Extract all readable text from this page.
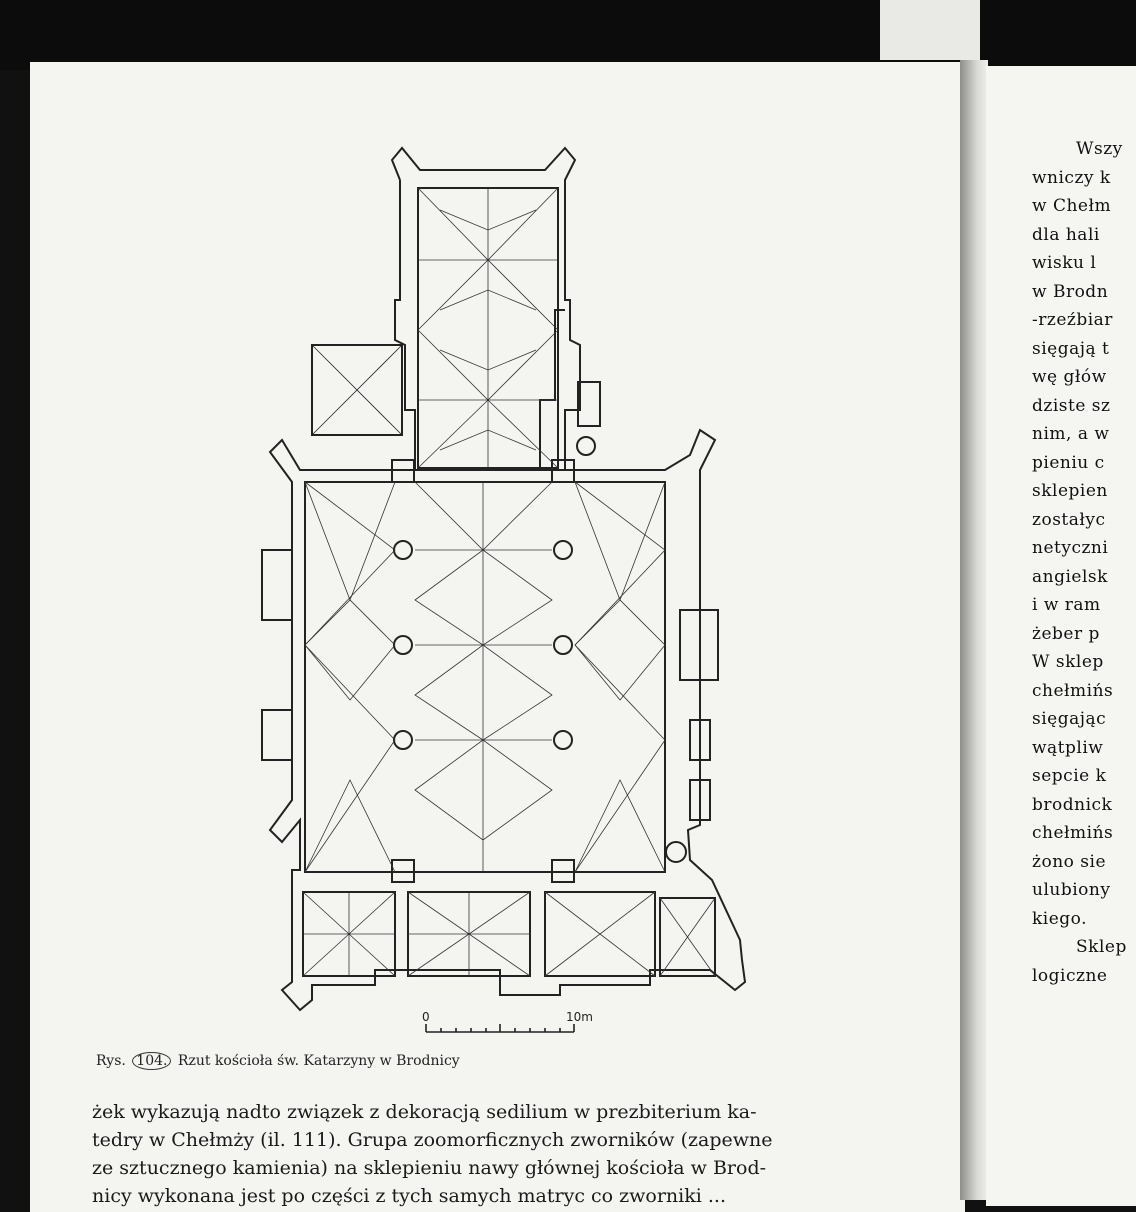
0	10m
Rys. 104. Rzut kościoła św. Katarzyny w Brodnicy
żek wykazują nadto związek z dekoracją sedilium w prezbiterium ka-
tedry w Chełmży (il. 111). Grupa zoomorficznych zworników (zapewne
ze sztucznego kamienia) na sklepieniu nawy głównej kościoła w Brod-
nicy wykonana jest po części z tych samych matryc co zworniki ...
Wszy
wniczy k
w Chełm
dla hali
wisku l
w Brodn
-rzeźbiar
sięgają t
wę głów
dziste sz
nim, a w
pieniu c
sklepien
zostałyc
netyczni
angielsk
i w ram
żeber p
W sklep
chełmińs
sięgając
wątpliw
sepcie k
brodnick
chełmińs
żono sie
ulubiony
kiego.
Sklep
logiczne
